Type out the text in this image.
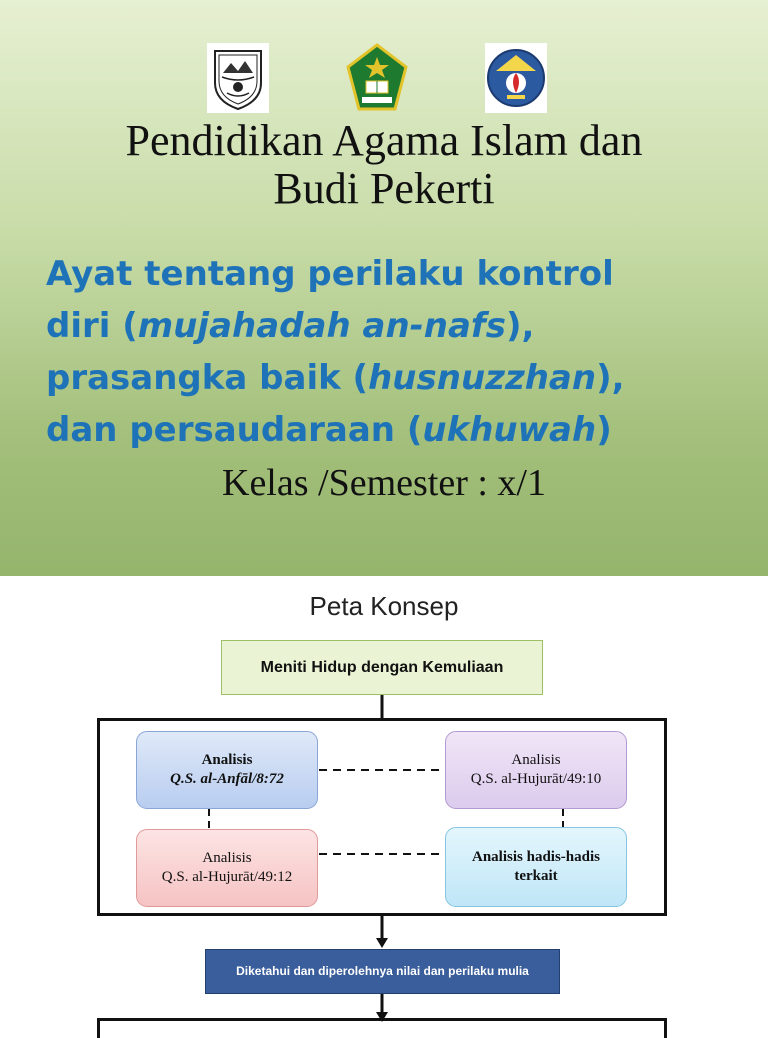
Pendidikan Agama Islam dan
Budi Pekerti
Ayat tentang perilaku kontrol
diri (mujahadah an-nafs),
prasangka baik (husnuzzhan),
dan persaudaraan (ukhuwah)
Kelas /Semester : x/1
Peta Konsep
Meniti Hidup dengan Kemuliaan
Analisis
Q.S. al-Anfāl/8:72
Analisis
Q.S. al-Hujurāt/49:10
Analisis
Q.S. al-Hujurāt/49:12
Analisis hadis-hadis
terkait
Diketahui dan diperolehnya nilai dan perilaku mulia
